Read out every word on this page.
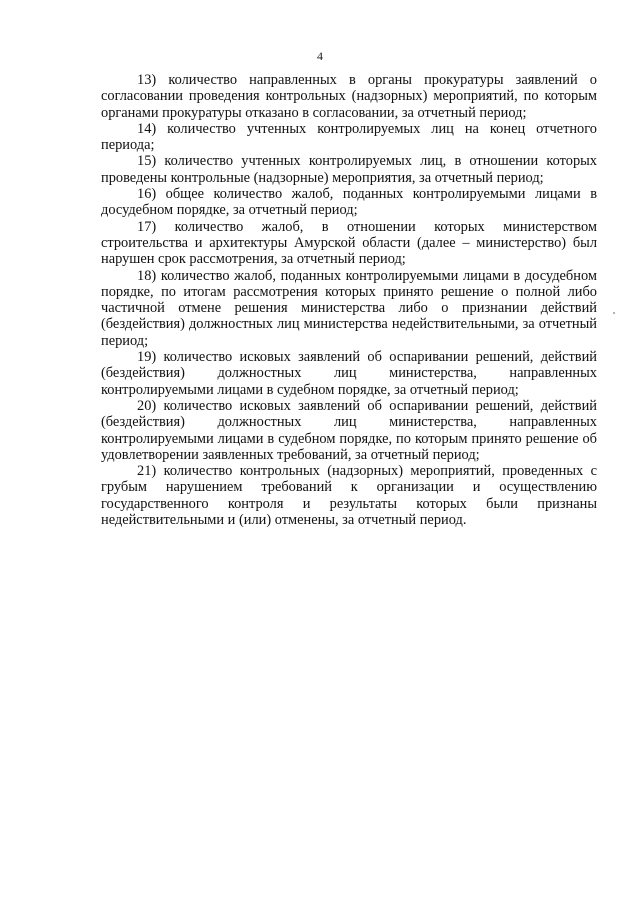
4

13) количество направленных в органы прокуратуры заявлений о согласовании проведения контрольных (надзорных) мероприятий, по которым органами прокуратуры отказано в согласовании, за отчетный период;

14) количество учтенных контролируемых лиц на конец отчетного периода;

15) количество учтенных контролируемых лиц, в отношении которых проведены контрольные (надзорные) мероприятия, за отчетный период;

16) общее количество жалоб, поданных контролируемыми лицами в досудебном порядке, за отчетный период;

17) количество жалоб, в отношении которых министерством строительства и архитектуры Амурской области (далее – министерство) был нарушен срок рассмотрения, за отчетный период;

18) количество жалоб, поданных контролируемыми лицами в досудебном порядке, по итогам рассмотрения которых принято решение о полной либо частичной отмене решения министерства либо о признании действий (бездействия) должностных лиц министерства недействительными, за отчетный период;

19) количество исковых заявлений об оспаривании решений, действий (бездействия) должностных лиц министерства, направленных контролируемыми лицами в судебном порядке, за отчетный период;

20) количество исковых заявлений об оспаривании решений, действий (бездействия) должностных лиц министерства, направленных контролируемыми лицами в судебном порядке, по которым принято решение об удовлетворении заявленных требований, за отчетный период;

21) количество контрольных (надзорных) мероприятий, проведенных с грубым нарушением требований к организации и осуществлению государственного контроля и результаты которых были признаны недействительными и (или) отменены, за отчетный период.
